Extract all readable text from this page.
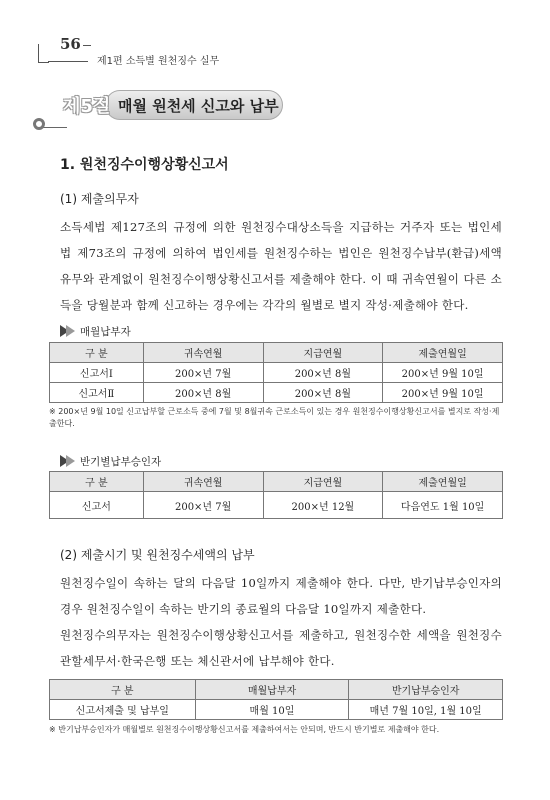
56
제1편 소득별 원천징수 실무
제5절 매월 원천세 신고와 납부
1. 원천징수이행상황신고서
(1) 제출의무자
소득세법 제127조의 규정에 의한 원천징수대상소득을 지급하는 거주자 또는 법인세법 제73조의 규정에 의하여 법인세를 원천징수하는 법인은 원천징수납부(환급)세액 유무와 관계없이 원천징수이행상황신고서를 제출해야 한다. 이 때 귀속연월이 다른 소득을 당월분과 함께 신고하는 경우에는 각각의 월별로 별지 작성·제출해야 한다.
매월납부자
구 분	귀속연월	지급연월	제출연월일
신고서Ⅰ	200×년 7월	200×년 8월	200×년 9월 10일
신고서Ⅱ	200×년 8월	200×년 8월	200×년 9월 10일
※ 200×년 9월 10일 신고납부할 근로소득 중에 7월 및 8월귀속 근로소득이 있는 경우 원천징수이행상황신고서를 별지로 작성·제출한다.
반기별납부승인자
구 분	귀속연월	지급연월	제출연월일
신고서	200×년 7월	200×년 12월	다음연도 1월 10일
(2) 제출시기 및 원천징수세액의 납부
원천징수일이 속하는 달의 다음달 10일까지 제출해야 한다. 다만, 반기납부승인자의 경우 원천징수일이 속하는 반기의 종료월의 다음달 10일까지 제출한다.
원천징수의무자는 원천징수이행상황신고서를 제출하고, 원천징수한 세액을 원천징수 관할세무서·한국은행 또는 체신관서에 납부해야 한다.
구 분	매월납부자	반기납부승인자
신고서제출 및 납부일	매월 10일	매년 7월 10일, 1월 10일
※ 반기납부승인자가 매월별로 원천징수이행상황신고서를 제출하여서는 안되며, 반드시 반기별로 제출해야 한다.
